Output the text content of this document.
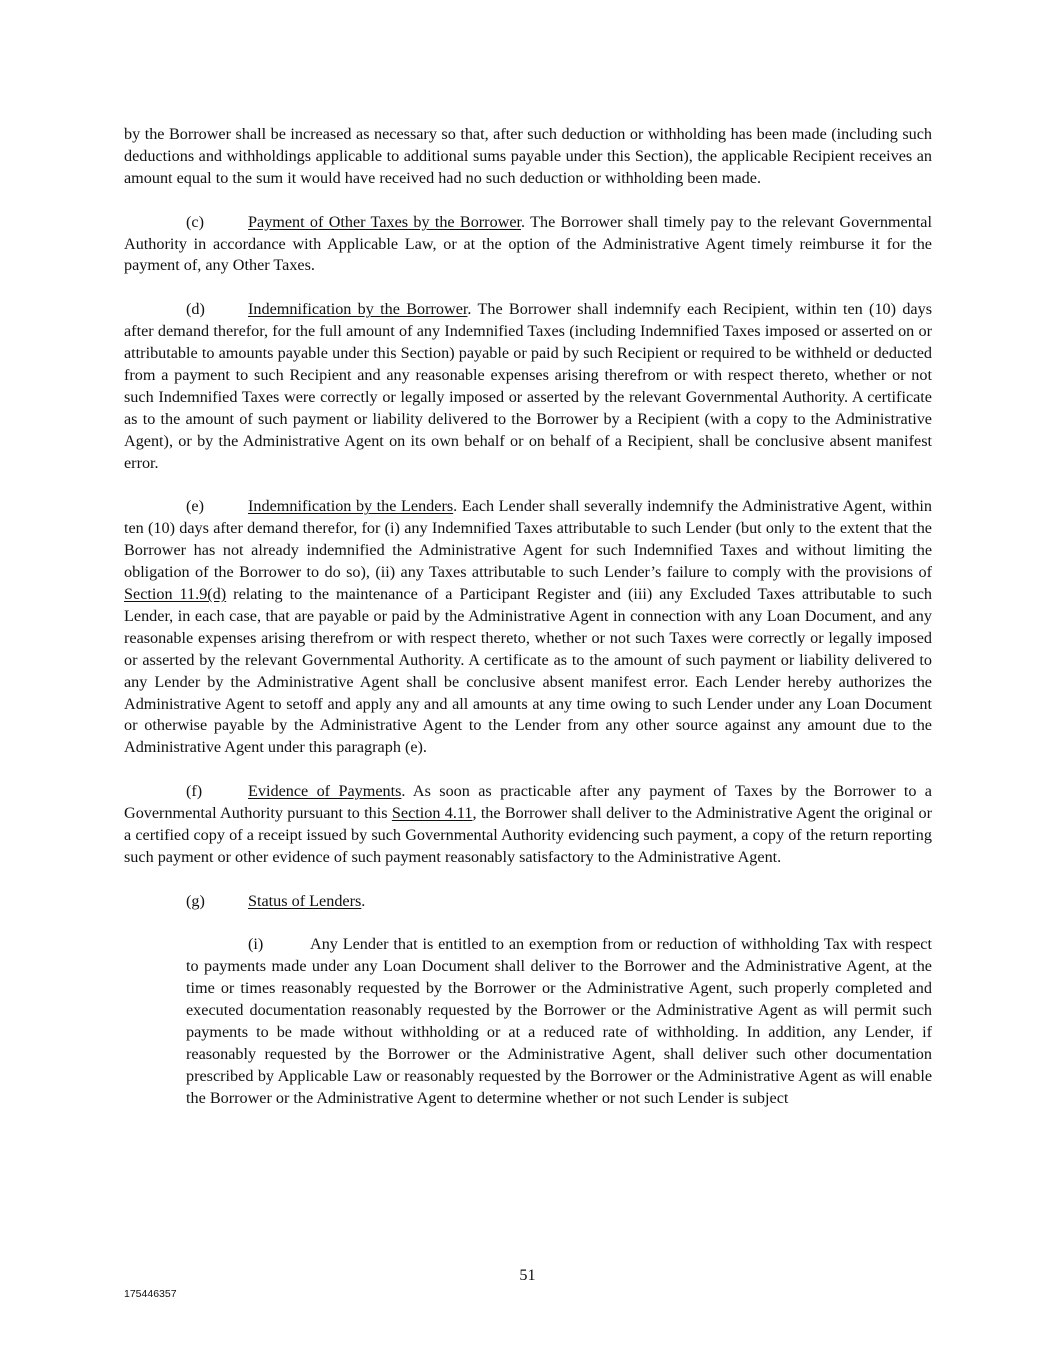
by the Borrower shall be increased as necessary so that, after such deduction or withholding has been made (including such deductions and withholdings applicable to additional sums payable under this Section), the applicable Recipient receives an amount equal to the sum it would have received had no such deduction or withholding been made.

(c)	Payment of Other Taxes by the Borrower. The Borrower shall timely pay to the relevant Governmental Authority in accordance with Applicable Law, or at the option of the Administrative Agent timely reimburse it for the payment of, any Other Taxes.

(d)	Indemnification by the Borrower. The Borrower shall indemnify each Recipient, within ten (10) days after demand therefor, for the full amount of any Indemnified Taxes (including Indemnified Taxes imposed or asserted on or attributable to amounts payable under this Section) payable or paid by such Recipient or required to be withheld or deducted from a payment to such Recipient and any reasonable expenses arising therefrom or with respect thereto, whether or not such Indemnified Taxes were correctly or legally imposed or asserted by the relevant Governmental Authority. A certificate as to the amount of such payment or liability delivered to the Borrower by a Recipient (with a copy to the Administrative Agent), or by the Administrative Agent on its own behalf or on behalf of a Recipient, shall be conclusive absent manifest error.

(e)	Indemnification by the Lenders. Each Lender shall severally indemnify the Administrative Agent, within ten (10) days after demand therefor, for (i) any Indemnified Taxes attributable to such Lender (but only to the extent that the Borrower has not already indemnified the Administrative Agent for such Indemnified Taxes and without limiting the obligation of the Borrower to do so), (ii) any Taxes attributable to such Lender’s failure to comply with the provisions of Section 11.9(d) relating to the maintenance of a Participant Register and (iii) any Excluded Taxes attributable to such Lender, in each case, that are payable or paid by the Administrative Agent in connection with any Loan Document, and any reasonable expenses arising therefrom or with respect thereto, whether or not such Taxes were correctly or legally imposed or asserted by the relevant Governmental Authority. A certificate as to the amount of such payment or liability delivered to any Lender by the Administrative Agent shall be conclusive absent manifest error. Each Lender hereby authorizes the Administrative Agent to setoff and apply any and all amounts at any time owing to such Lender under any Loan Document or otherwise payable by the Administrative Agent to the Lender from any other source against any amount due to the Administrative Agent under this paragraph (e).

(f)	Evidence of Payments. As soon as practicable after any payment of Taxes by the Borrower to a Governmental Authority pursuant to this Section 4.11, the Borrower shall deliver to the Administrative Agent the original or a certified copy of a receipt issued by such Governmental Authority evidencing such payment, a copy of the return reporting such payment or other evidence of such payment reasonably satisfactory to the Administrative Agent.

(g)	Status of Lenders.

(i)	Any Lender that is entitled to an exemption from or reduction of withholding Tax with respect to payments made under any Loan Document shall deliver to the Borrower and the Administrative Agent, at the time or times reasonably requested by the Borrower or the Administrative Agent, such properly completed and executed documentation reasonably requested by the Borrower or the Administrative Agent as will permit such payments to be made without withholding or at a reduced rate of withholding. In addition, any Lender, if reasonably requested by the Borrower or the Administrative Agent, shall deliver such other documentation prescribed by Applicable Law or reasonably requested by the Borrower or the Administrative Agent as will enable the Borrower or the Administrative Agent to determine whether or not such Lender is subject

51
175446357
